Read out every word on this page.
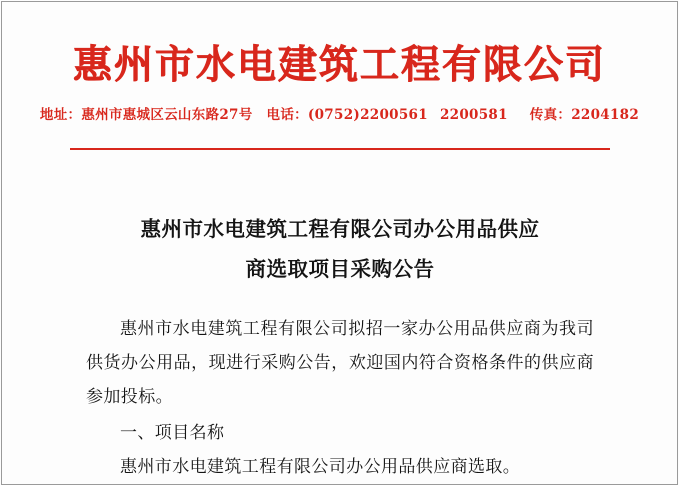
惠州市水电建筑工程有限公司
地址：惠州市惠城区云山东路27号 电话：(0752)2200561 2200581 传真：2204182
惠州市水电建筑工程有限公司办公用品供应
商选取项目采购公告

惠州市水电建筑工程有限公司拟招一家办公用品供应商为我司供货办公用品，现进行采购公告，欢迎国内符合资格条件的供应商参加投标。

一、项目名称

惠州市水电建筑工程有限公司办公用品供应商选取。
